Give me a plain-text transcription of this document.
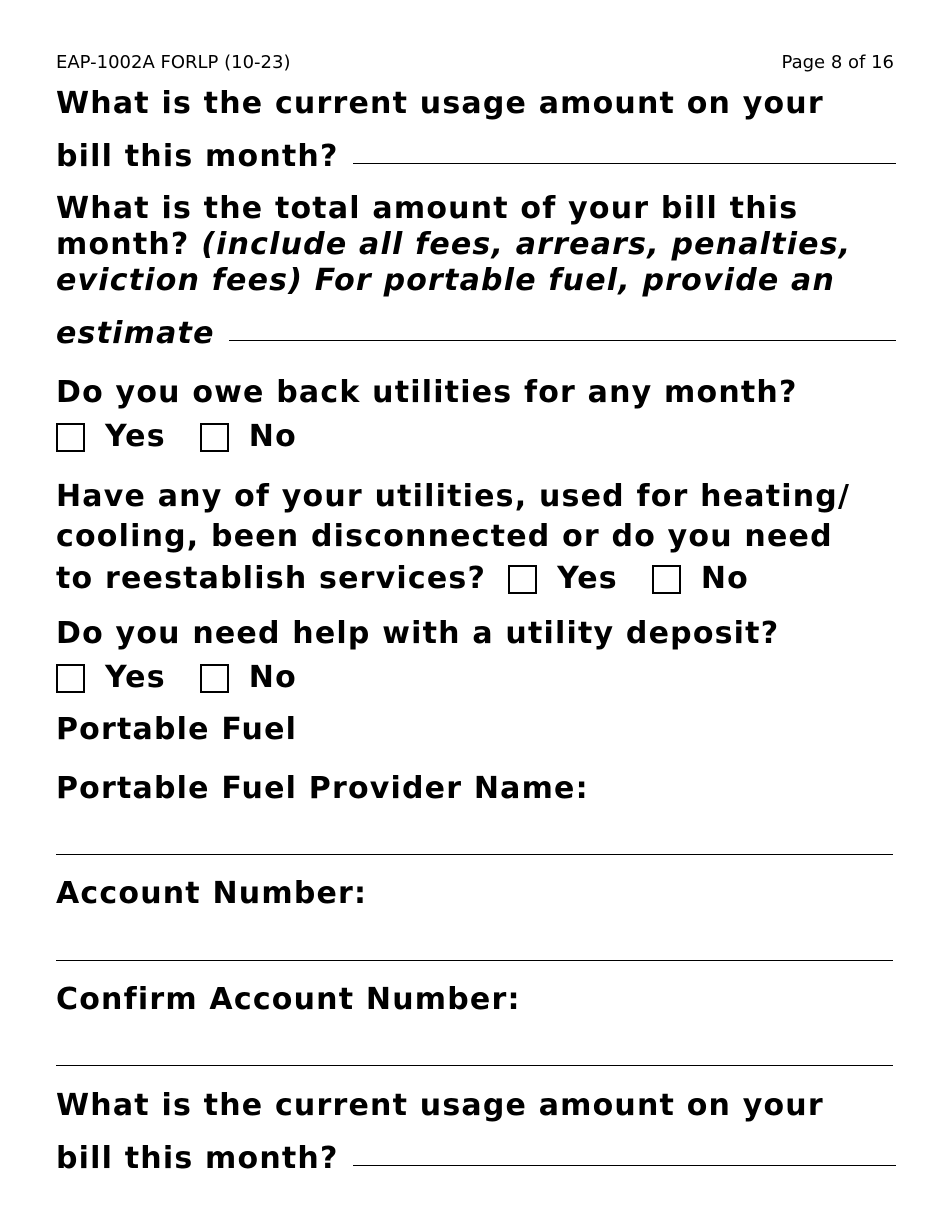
EAP-1002A FORLP (10-23)	Page 8 of 16
What is the current usage amount on your
bill this month?
What is the total amount of your bill this
month? (include all fees, arrears, penalties,
eviction fees) For portable fuel, provide an
estimate
Do you owe back utilities for any month?
Yes	No
Have any of your utilities, used for heating/
cooling, been disconnected or do you need
to reestablish services? Yes	No
Do you need help with a utility deposit?
Yes	No
Portable Fuel
Portable Fuel Provider Name:
Account Number:
Confirm Account Number:
What is the current usage amount on your
bill this month?
